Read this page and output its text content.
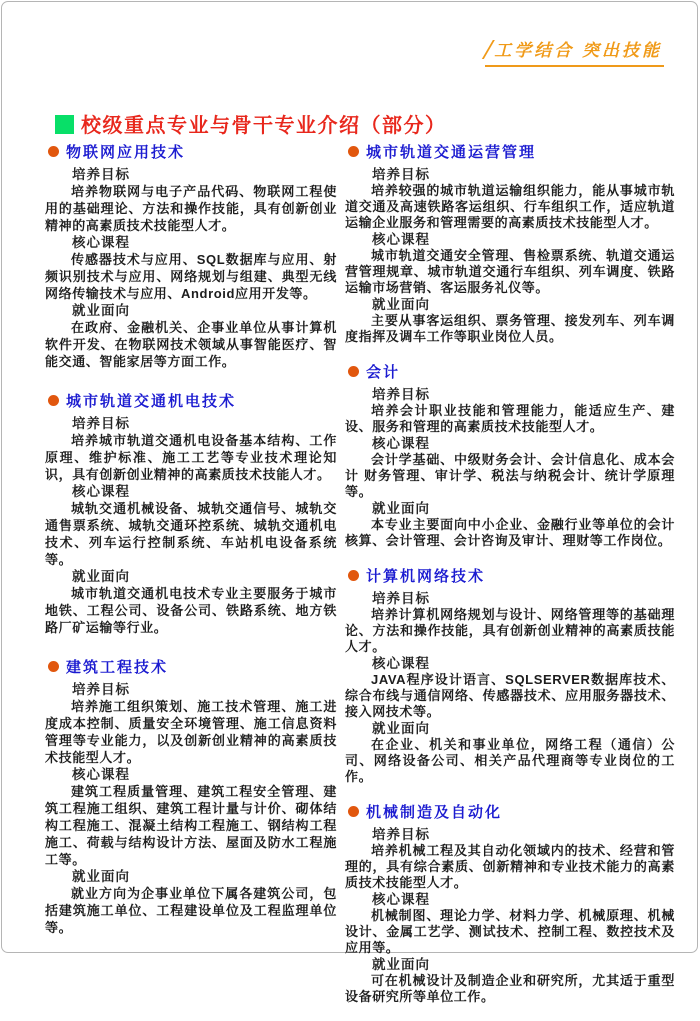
/工学结合 突出技能
校级重点专业与骨干专业介绍（部分）
物联网应用技术
培养目标

培养物联网与电子产品代码、物联网工程使用的基础理论、方法和操作技能，具有创新创业精神的高素质技术技能型人才。

核心课程

传感器技术与应用、SQL数据库与应用、射频识别技术与应用、网络规划与组建、典型无线网络传输技术与应用、Android应用开发等。

就业面向

在政府、金融机关、企事业单位从事计算机软件开发、在物联网技术领域从事智能医疗、智能交通、智能家居等方面工作。

城市轨道交通机电技术
培养目标

培养城市轨道交通机电设备基本结构、工作原理、维护标准、施工工艺等专业技术理论知识，具有创新创业精神的高素质技术技能人才。

核心课程

城轨交通机械设备、城轨交通信号、城轨交通售票系统、城轨交通环控系统、城轨交通机电技术、列车运行控制系统、车站机电设备系统等。

就业面向

城市轨道交通机电技术专业主要服务于城市地铁、工程公司、设备公司、铁路系统、地方铁路厂矿运输等行业。

建筑工程技术
培养目标

培养施工组织策划、施工技术管理、施工进度成本控制、质量安全环境管理、施工信息资料管理等专业能力，以及创新创业精神的高素质技术技能型人才。

核心课程

建筑工程质量管理、建筑工程安全管理、建筑工程施工组织、建筑工程计量与计价、砌体结构工程施工、混凝土结构工程施工、钢结构工程施工、荷载与结构设计方法、屋面及防水工程施工等。

就业面向

就业方向为企事业单位下属各建筑公司，包括建筑施工单位、工程建设单位及工程监理单位等。

城市轨道交通运营管理
培养目标

培养较强的城市轨道运输组织能力，能从事城市轨道交通及高速铁路客运组织、行车组织工作，适应轨道运输企业服务和管理需要的高素质技术技能型人才。

核心课程

城市轨道交通安全管理、售检票系统、轨道交通运营管理规章、城市轨道交通行车组织、列车调度、铁路运输市场营销、客运服务礼仪等。

就业面向

主要从事客运组织、票务管理、接发列车、列车调度指挥及调车工作等职业岗位人员。

会计
培养目标

培养会计职业技能和管理能力，能适应生产、建设、服务和管理的高素质技术技能型人才。

核心课程

会计学基础、中级财务会计、会计信息化、成本会计 财务管理、审计学、税法与纳税会计、统计学原理等。

就业面向

本专业主要面向中小企业、金融行业等单位的会计核算、会计管理、会计咨询及审计、理财等工作岗位。

计算机网络技术
培养目标

培养计算机网络规划与设计、网络管理等的基础理论、方法和操作技能，具有创新创业精神的高素质技能人才。

核心课程

JAVA程序设计语言、SQLSERVER数据库技术、综合布线与通信网络、传感器技术、应用服务器技术、接入网技术等。

就业面向

在企业、机关和事业单位，网络工程（通信）公司、网络设备公司、相关产品代理商等专业岗位的工作。

机械制造及自动化
培养目标

培养机械工程及其自动化领域内的技术、经营和管理的，具有综合素质、创新精神和专业技术能力的高素质技术技能型人才。

核心课程

机械制图、理论力学、材料力学、机械原理、机械设计、金属工艺学、测试技术、控制工程、数控技术及应用等。

就业面向

可在机械设计及制造企业和研究所，尤其适于重型设备研究所等单位工作。
